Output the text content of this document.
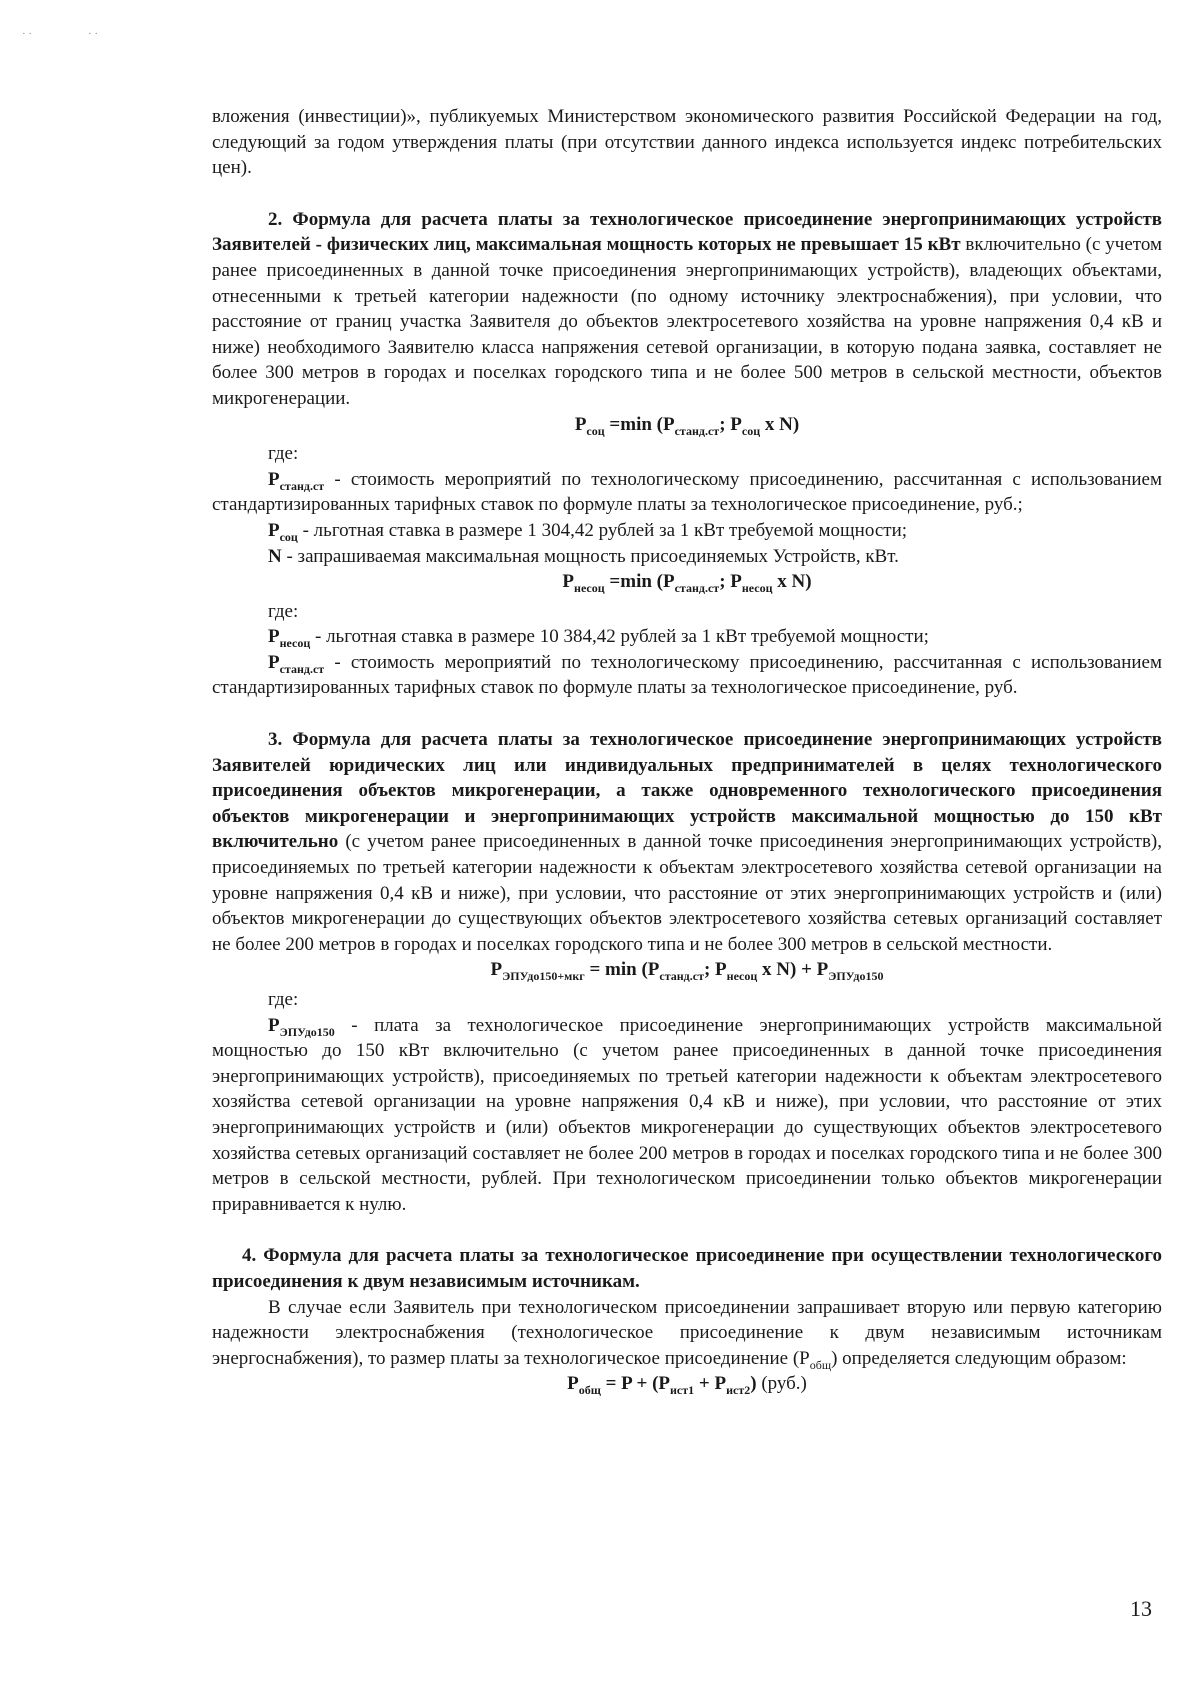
· ·	· ·

вложения (инвестиции)», публикуемых Министерством экономического развития Российской Федерации на год, следующий за годом утверждения платы (при отсутствии данного индекса используется индекс потребительских цен).

2. Формула для расчета платы за технологическое присоединение энергопринимающих устройств Заявителей - физических лиц, максимальная мощность которых не превышает 15 кВт включительно (с учетом ранее присоединенных в данной точке присоединения энергопринимающих устройств), владеющих объектами, отнесенными к третьей категории надежности (по одному источнику электроснабжения), при условии, что расстояние от границ участка Заявителя до объектов электросетевого хозяйства на уровне напряжения 0,4 кВ и ниже) необходимого Заявителю класса напряжения сетевой организации, в которую подана заявка, составляет не более 300 метров в городах и поселках городского типа и не более 500 метров в сельской местности, объектов микрогенерации.

$P_{соц} =\min$ ($P_{станд.ст}$; $P_{соц}$ х N)

где:

$P_{станд.ст}$ - стоимость мероприятий по технологическому присоединению, рассчитанная с использованием стандартизированных тарифных ставок по формуле платы за технологическое присоединение, руб.;

$P_{соц}$ - льготная ставка в размере 1 304,42 рублей за 1 кВт требуемой мощности;

N - запрашиваемая максимальная мощность присоединяемых Устройств, кВт.

$P_{несоц} =\min$ ($P_{станд.ст}$; $P_{несоц}$ х N)

где:

$P_{несоц}$ - льготная ставка в размере 10 384,42 рублей за 1 кВт требуемой мощности;

$P_{станд.ст}$ - стоимость мероприятий по технологическому присоединению, рассчитанная с использованием стандартизированных тарифных ставок по формуле платы за технологическое присоединение, руб.

3. Формула для расчета платы за технологическое присоединение энергопринимающих устройств Заявителей юридических лиц или индивидуальных предпринимателей в целях технологического присоединения объектов микрогенерации, а также одновременного технологического присоединения объектов микрогенерации и энергопринимающих устройств максимальной мощностью до 150 кВт включительно (с учетом ранее присоединенных в данной точке присоединения энергопринимающих устройств), присоединяемых по третьей категории надежности к объектам электросетевого хозяйства сетевой организации на уровне напряжения 0,4 кВ и ниже), при условии, что расстояние от этих энергопринимающих устройств и (или) объектов микрогенерации до существующих объектов электросетевого хозяйства сетевых организаций составляет не более 200 метров в городах и поселках городского типа и не более 300 метров в сельской местности.

$P_{ЭПУдо150+мкг} = \min (P_{станд.ст}$; $P_{несоц}$ х $N) + P_{ЭПУдо150}$

где:

$P_{ЭПУдо150}$ - плата за технологическое присоединение энергопринимающих устройств максимальной мощностью до 150 кВт включительно (с учетом ранее присоединенных в данной точке присоединения энергопринимающих устройств), присоединяемых по третьей категории надежности к объектам электросетевого хозяйства сетевой организации на уровне напряжения 0,4 кВ и ниже), при условии, что расстояние от этих энергопринимающих устройств и (или) объектов микрогенерации до существующих объектов электросетевого хозяйства сетевых организаций составляет не более 200 метров в городах и поселках городского типа и не более 300 метров в сельской местности, рублей. При технологическом присоединении только объектов микрогенерации приравнивается к нулю.

4. Формула для расчета платы за технологическое присоединение при осуществлении технологического присоединения к двум независимым источникам.

В случае если Заявитель при технологическом присоединении запрашивает вторую или первую категорию надежности электроснабжения (технологическое присоединение к двум независимым источникам энергоснабжения), то размер платы за технологическое присоединение $(P_{общ})$ определяется следующим образом:

$P_{общ} = P + (P_{ист1} + P_{ист2})$ (руб.)

13
